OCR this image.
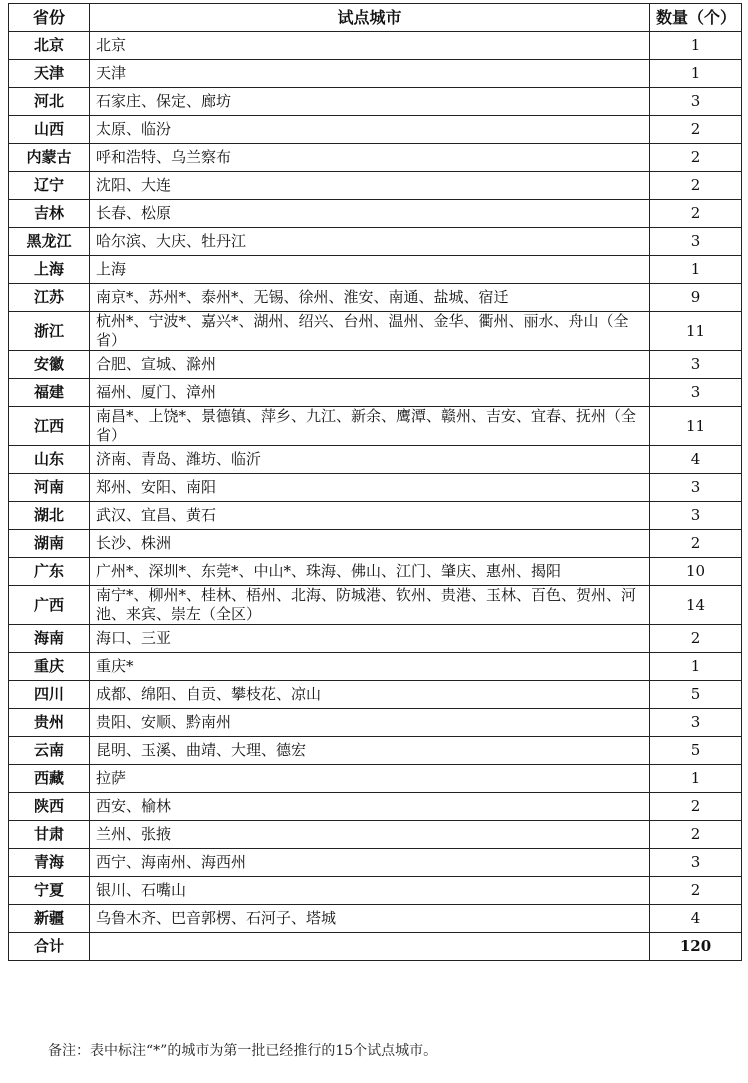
省份	试点城市	数量（个）
北京	北京	1
天津	天津	1
河北	石家庄、保定、廊坊	3
山西	太原、临汾	2
内蒙古	呼和浩特、乌兰察布	2
辽宁	沈阳、大连	2
吉林	长春、松原	2
黑龙江	哈尔滨、大庆、牡丹江	3
上海	上海	1
江苏	南京*、苏州*、泰州*、无锡、徐州、淮安、南通、盐城、宿迁	9
浙江	杭州*、宁波*、嘉兴*、湖州、绍兴、台州、温州、金华、衢州、丽水、舟山（全省）	11
安徽	合肥、宣城、滁州	3
福建	福州、厦门、漳州	3
江西	南昌*、上饶*、景德镇、萍乡、九江、新余、鹰潭、赣州、吉安、宜春、抚州（全省）	11
山东	济南、青岛、潍坊、临沂	4
河南	郑州、安阳、南阳	3
湖北	武汉、宜昌、黄石	3
湖南	长沙、株洲	2
广东	广州*、深圳*、东莞*、中山*、珠海、佛山、江门、肇庆、惠州、揭阳	10
广西	南宁*、柳州*、桂林、梧州、北海、防城港、钦州、贵港、玉林、百色、贺州、河池、来宾、崇左（全区）	14
海南	海口、三亚	2
重庆	重庆*	1
四川	成都、绵阳、自贡、攀枝花、凉山	5
贵州	贵阳、安顺、黔南州	3
云南	昆明、玉溪、曲靖、大理、德宏	5
西藏	拉萨	1
陕西	西安、榆林	2
甘肃	兰州、张掖	2
青海	西宁、海南州、海西州	3
宁夏	银川、石嘴山	2
新疆	乌鲁木齐、巴音郭楞、石河子、塔城	4
合计		120
备注：表中标注“*”的城市为第一批已经推行的15个试点城市。
